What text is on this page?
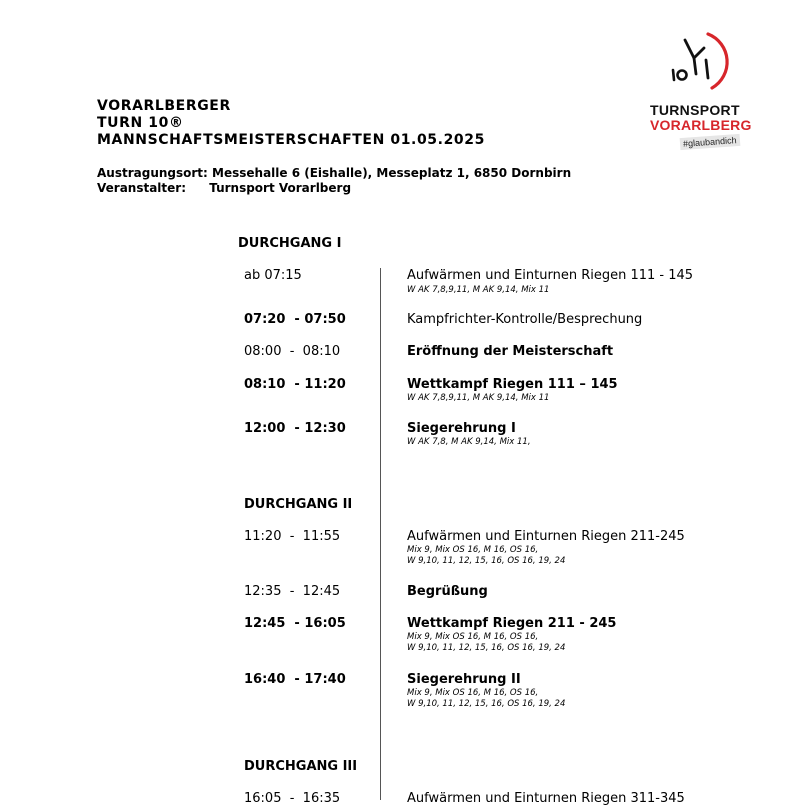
VORARLBERGER
TURN 10®
MANNSCHAFTSMEISTERSCHAFTEN 01.05.2025
Austragungsort: Messehalle 6 (Eishalle), Messeplatz 1, 6850 Dornbirn
Veranstalter: Turnsport Vorarlberg
TURNSPORT
VORARLBERG
#glaubandich
DURCHGANG I
DURCHGANG II
DURCHGANG III
ab 07:15	Aufwärmen und Einturnen Riegen 111 - 145
W AK 7,8,9,11, M AK 9,14, Mix 11
07:20  - 07:50	Kampfrichter-Kontrolle/Besprechung
08:00  -  08:10	Eröffnung der Meisterschaft
08:10  - 11:20	Wettkampf Riegen 111 – 145
W AK 7,8,9,11, M AK 9,14, Mix 11
12:00  - 12:30	Siegerehrung I
W AK 7,8, M AK 9,14, Mix 11,
11:20  -  11:55	Aufwärmen und Einturnen Riegen 211-245
Mix 9, Mix OS 16, M 16, OS 16,
W 9,10, 11, 12, 15, 16, OS 16, 19, 24
12:35  -  12:45	Begrüßung
12:45  - 16:05	Wettkampf Riegen 211 - 245
Mix 9, Mix OS 16, M 16, OS 16,
W 9,10, 11, 12, 15, 16, OS 16, 19, 24
16:40  - 17:40	Siegerehrung II
Mix 9, Mix OS 16, M 16, OS 16,
W 9,10, 11, 12, 15, 16, OS 16, 19, 24
16:05  -  16:35	Aufwärmen und Einturnen Riegen 311-345
